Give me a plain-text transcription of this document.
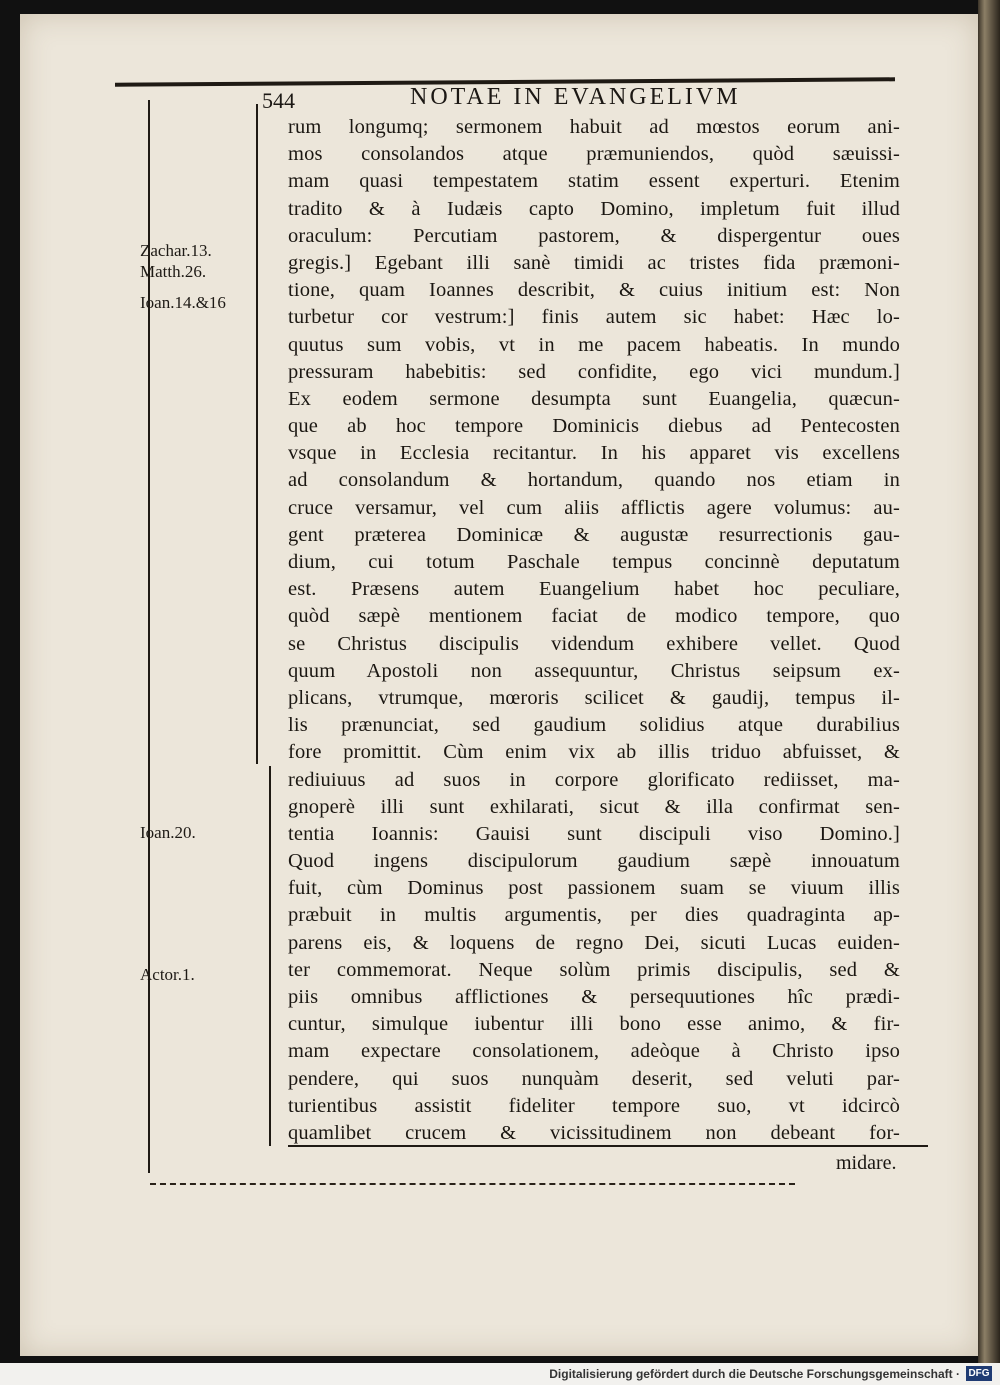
544	NOTAE IN EVANGELIVM
Zachar.13.
Matth.26.
Ioan.14.&16
Ioan.20.
Actor.1.
rum longumq; sermonem habuit ad mœstos eorum ani-
mos consolandos atque præmuniendos, quòd sæuissi-
mam quasi tempestatem statim essent experturi. Etenim
tradito & à Iudæis capto Domino, impletum fuit illud
oraculum: Percutiam pastorem, & dispergentur oues
gregis.] Egebant illi sanè timidi ac tristes fida præmoni-
tione, quam Ioannes describit, & cuius initium est: Non
turbetur cor vestrum:] finis autem sic habet: Hæc lo-
quutus sum vobis, vt in me pacem habeatis. In mundo
pressuram habebitis: sed confidite, ego vici mundum.]
Ex eodem sermone desumpta sunt Euangelia, quæcun-
que ab hoc tempore Dominicis diebus ad Pentecosten
vsque in Ecclesia recitantur. In his apparet vis excellens
ad consolandum & hortandum, quando nos etiam in
cruce versamur, vel cum aliis afflictis agere volumus: au-
gent præterea Dominicæ & augustæ resurrectionis gau-
dium, cui totum Paschale tempus concinnè deputatum
est. Præsens autem Euangelium habet hoc peculiare,
quòd sæpè mentionem faciat de modico tempore, quo
se Christus discipulis videndum exhibere vellet. Quod
quum Apostoli non assequuntur, Christus seipsum ex-
plicans, vtrumque, mœroris scilicet & gaudij, tempus il-
lis prænunciat, sed gaudium solidius atque durabilius
fore promittit. Cùm enim vix ab illis triduo abfuisset, &
rediuiuus ad suos in corpore glorificato rediisset, ma-
gnoperè illi sunt exhilarati, sicut & illa confirmat sen-
tentia Ioannis: Gauisi sunt discipuli viso Domino.]
Quod ingens discipulorum gaudium sæpè innouatum
fuit, cùm Dominus post passionem suam se viuum illis
præbuit in multis argumentis, per dies quadraginta ap-
parens eis, & loquens de regno Dei, sicuti Lucas euiden-
ter commemorat. Neque solùm primis discipulis, sed &
piis omnibus afflictiones & persequutiones hîc prædi-
cuntur, simulque iubentur illi bono esse animo, & fir-
mam expectare consolationem, adeòque à Christo ipso
pendere, qui suos nunquàm deserit, sed veluti par-
turientibus assistit fideliter tempore suo, vt idcircò
quamlibet crucem & vicissitudinem non debeant for-
midare.
Digitalisierung gefördert durch die Deutsche Forschungsgemeinschaft · DFG
